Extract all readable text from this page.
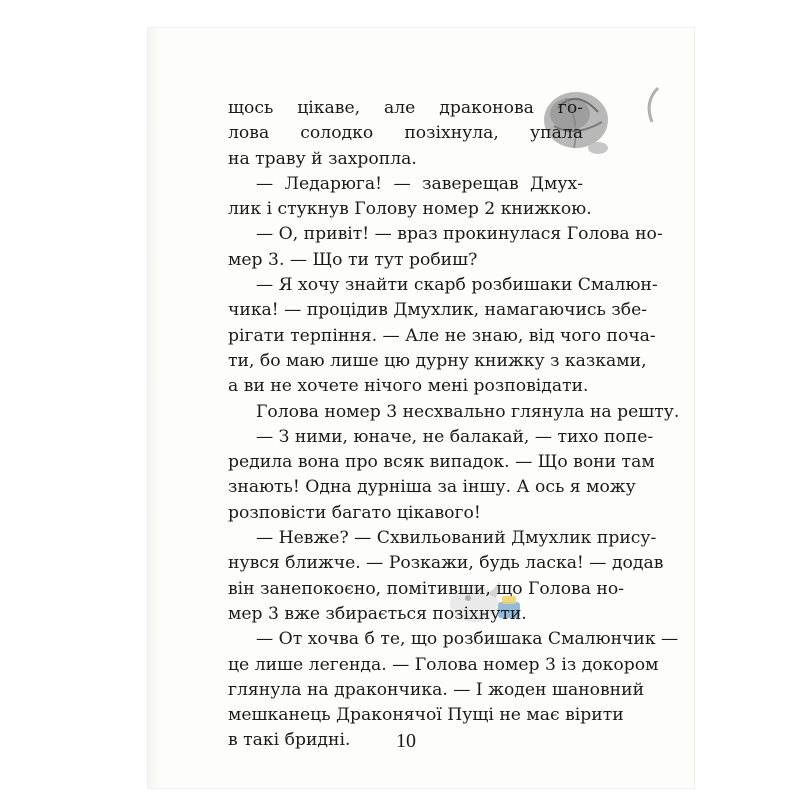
щось цікаве, але драконова го-
лова солодко позіхнула, упала
на траву й захропла.

— Ледарюга! — заверещав Дмух-
лик і стукнув Голову номер 2 книжкою.

— О, привіт! — враз прокинулася Голова но-
мер 3. — Що ти тут робиш?

— Я хочу знайти скарб розбишаки Смалюн-
чика! — процідив Дмухлик, намагаючись збе-
рігати терпіння. — Але не знаю, від чого поча-
ти, бо маю лише цю дурну книжку з казками,
а ви не хочете нічого мені розповідати.

Голова номер 3 несхвально глянула на решту.

— З ними, юначе, не балакай, — тихо попе-
редила вона про всяк випадок. — Що вони там
знають! Одна дурніша за іншу. А ось я можу
розповісти багато цікавого!

— Невже? — Схвильований Дмухлик прису-
нувся ближче. — Розкажи, будь ласка! — додав
він занепокоєно, помітивши, що Голова но-
мер 3 вже збирається позіхнути.

— От хочва б те, що розбишака Смалюнчик —
це лише легенда. — Голова номер 3 із докором
глянула на дракончика. — І жоден шановний
мешканець Драконячої Пущі не має вірити
в такі бридні.	10
